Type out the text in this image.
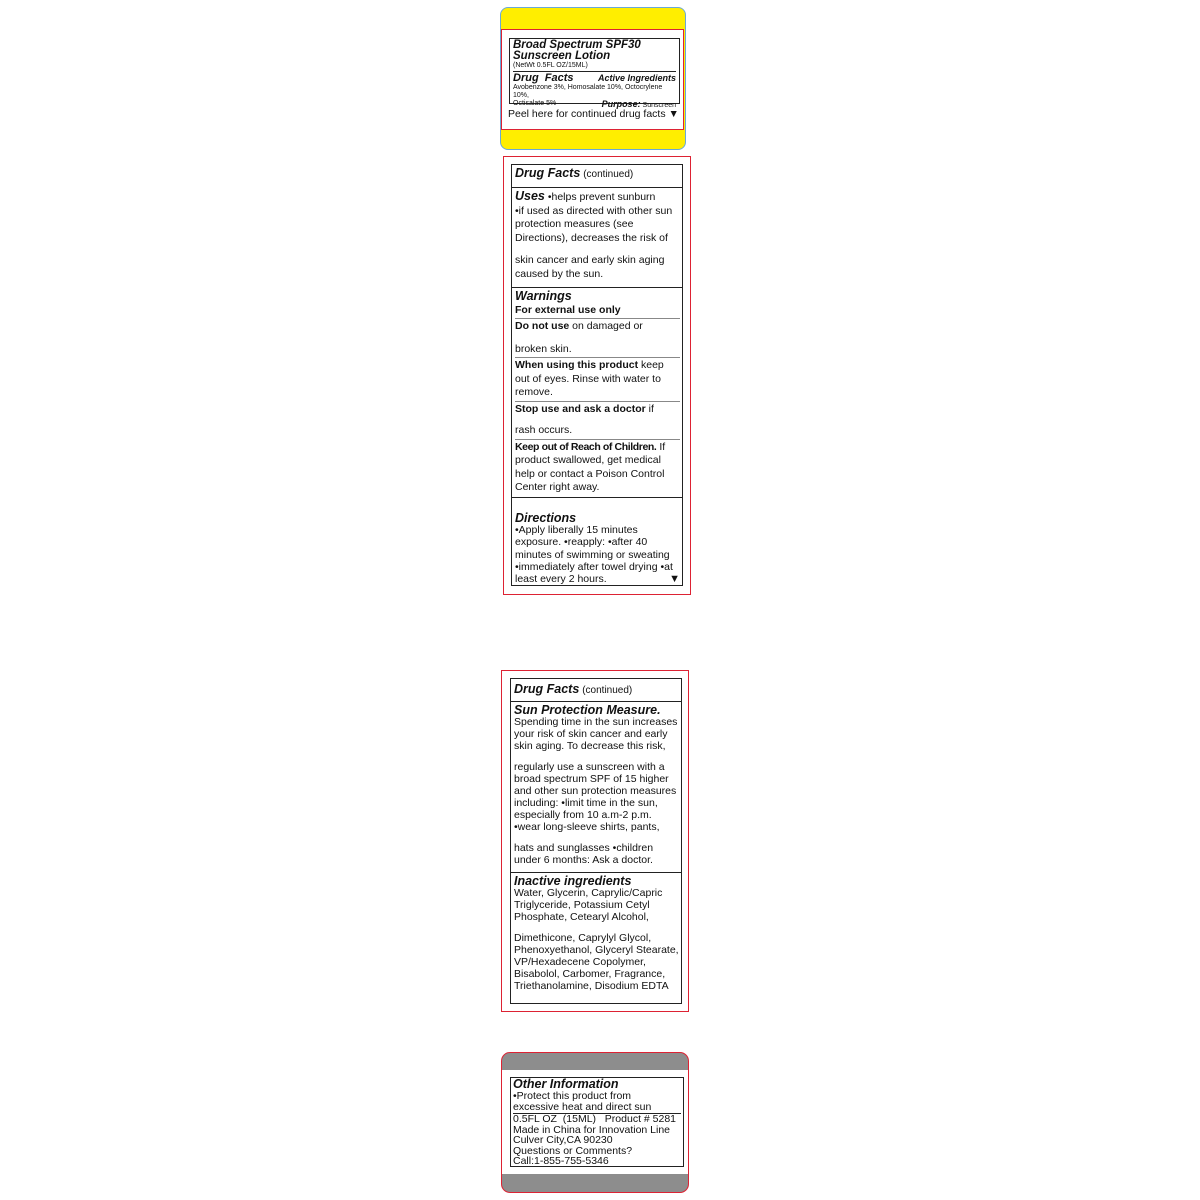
Broad Spectrum SPF30
Sunscreen Lotion
(NetWt 0.5FL OZ/15ML)
Drug  Facts	Active Ingredients
Avobenzone 3%, Homosalate 10%, Octocrylene 10%,
Octisalate 5%	Purpose: Sunscreen
Peel here for continued drug facts ▼
Drug Facts (continued)
Uses •helps prevent sunburn
•if used as directed with other sun
protection measures (see
Directions), decreases the risk of
skin cancer and early skin aging
caused by the sun.
Warnings
For external use only
Do not use on damaged or
broken skin.
When using this product keep
out of eyes. Rinse with water to
remove.
Stop use and ask a doctor if
rash occurs.
Keep out of Reach of Children. If
product swallowed, get medical
help or contact a Poison Control
Center right away.
Directions
•Apply liberally 15 minutes
exposure. •reapply: •after 40
minutes of swimming or sweating
•immediately after towel drying •at
least every 2 hours.	▼
Drug Facts (continued)
Sun Protection Measure.
Spending time in the sun increases
your risk of skin cancer and early
skin aging. To decrease this risk,
regularly use a sunscreen with a
broad spectrum SPF of 15 higher
and other sun protection measures
including: •limit time in the sun,
especially from 10 a.m-2 p.m.
•wear long-sleeve shirts, pants,
hats and sunglasses •children
under 6 months: Ask a doctor.
Inactive ingredients
Water, Glycerin, Caprylic/Capric
Triglyceride, Potassium Cetyl
Phosphate, Cetearyl Alcohol,
Dimethicone, Caprylyl Glycol,
Phenoxyethanol, Glyceryl Stearate,
VP/Hexadecene Copolymer,
Bisabolol, Carbomer, Fragrance,
Triethanolamine, Disodium EDTA
Other Information
•Protect this product from
excessive heat and direct sun
0.5FL OZ  (15ML)   Product # 5281
Made in China for Innovation Line
Culver City,CA 90230
Questions or Comments?
Call:1-855-755-5346
